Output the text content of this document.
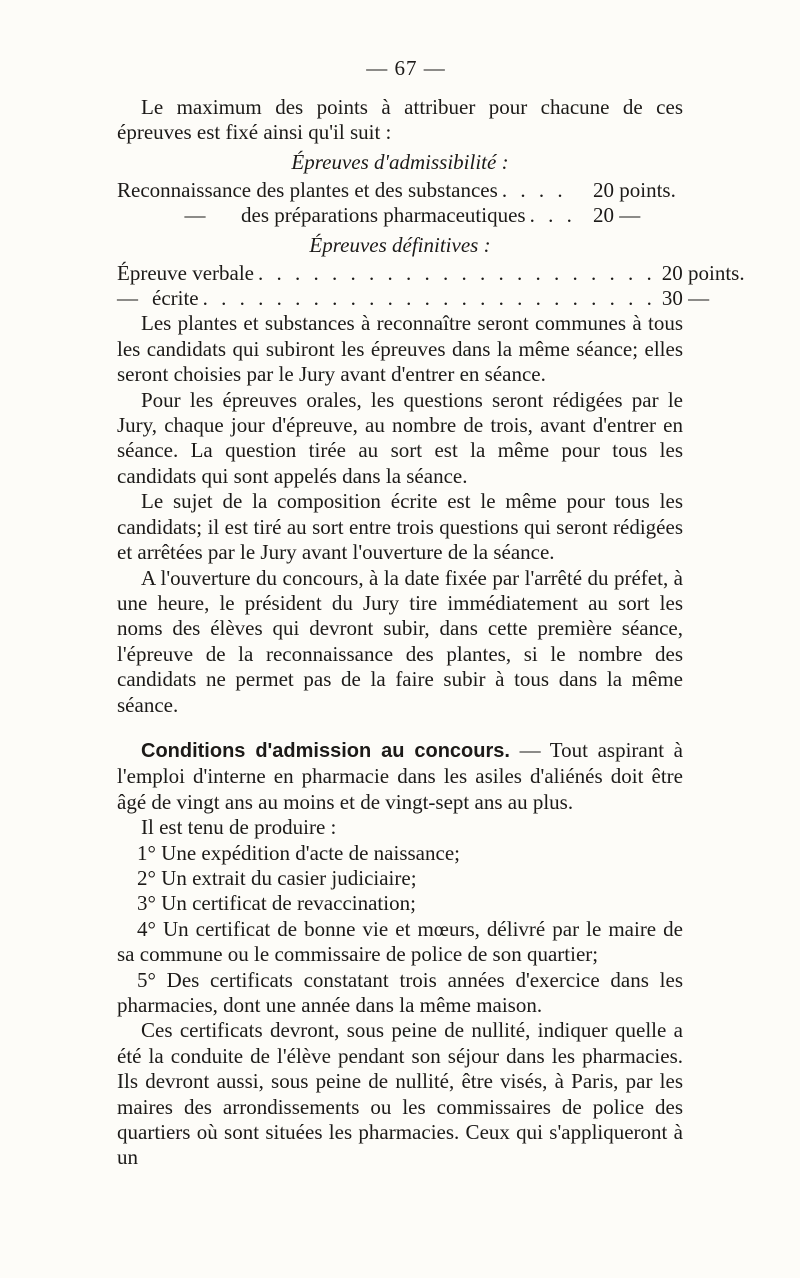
— 67 —

Le maximum des points à attribuer pour chacune de ces épreuves est fixé ainsi qu'il suit :

Épreuves d'admissibilité :
Reconnaissance des plantes et des substances . . . .	20 points.
—	des préparations pharmaceutiques . . . 20 —
Épreuves définitives :
Épreuve verbale . . . . . . . . . . . . . . . . . . . . . . 20 points.
— écrite . . . . . . . . . . . . . . . . . . . . . . . . . 30 —

Les plantes et substances à reconnaître seront communes à tous les candidats qui subiront les épreuves dans la même séance; elles seront choisies par le Jury avant d'entrer en séance.

Pour les épreuves orales, les questions seront rédigées par le Jury, chaque jour d'épreuve, au nombre de trois, avant d'entrer en séance. La question tirée au sort est la même pour tous les candidats qui sont appelés dans la séance.

Le sujet de la composition écrite est le même pour tous les candidats; il est tiré au sort entre trois questions qui seront rédigées et arrêtées par le Jury avant l'ouverture de la séance.

A l'ouverture du concours, à la date fixée par l'arrêté du préfet, à une heure, le président du Jury tire immédiatement au sort les noms des élèves qui devront subir, dans cette première séance, l'épreuve de la reconnaissance des plantes, si le nombre des candidats ne permet pas de la faire subir à tous dans la même séance.

Conditions d'admission au concours. — Tout aspirant à l'emploi d'interne en pharmacie dans les asiles d'aliénés doit être âgé de vingt ans au moins et de vingt-sept ans au plus.

Il est tenu de produire :

1° Une expédition d'acte de naissance;

2° Un extrait du casier judiciaire;

3° Un certificat de revaccination;

4° Un certificat de bonne vie et mœurs, délivré par le maire de sa commune ou le commissaire de police de son quartier;

5° Des certificats constatant trois années d'exercice dans les pharmacies, dont une année dans la même maison.

Ces certificats devront, sous peine de nullité, indiquer quelle a été la conduite de l'élève pendant son séjour dans les pharmacies. Ils devront aussi, sous peine de nullité, être visés, à Paris, par les maires des arrondissements ou les commissaires de police des quartiers où sont situées les pharmacies. Ceux qui s'appliqueront à un
